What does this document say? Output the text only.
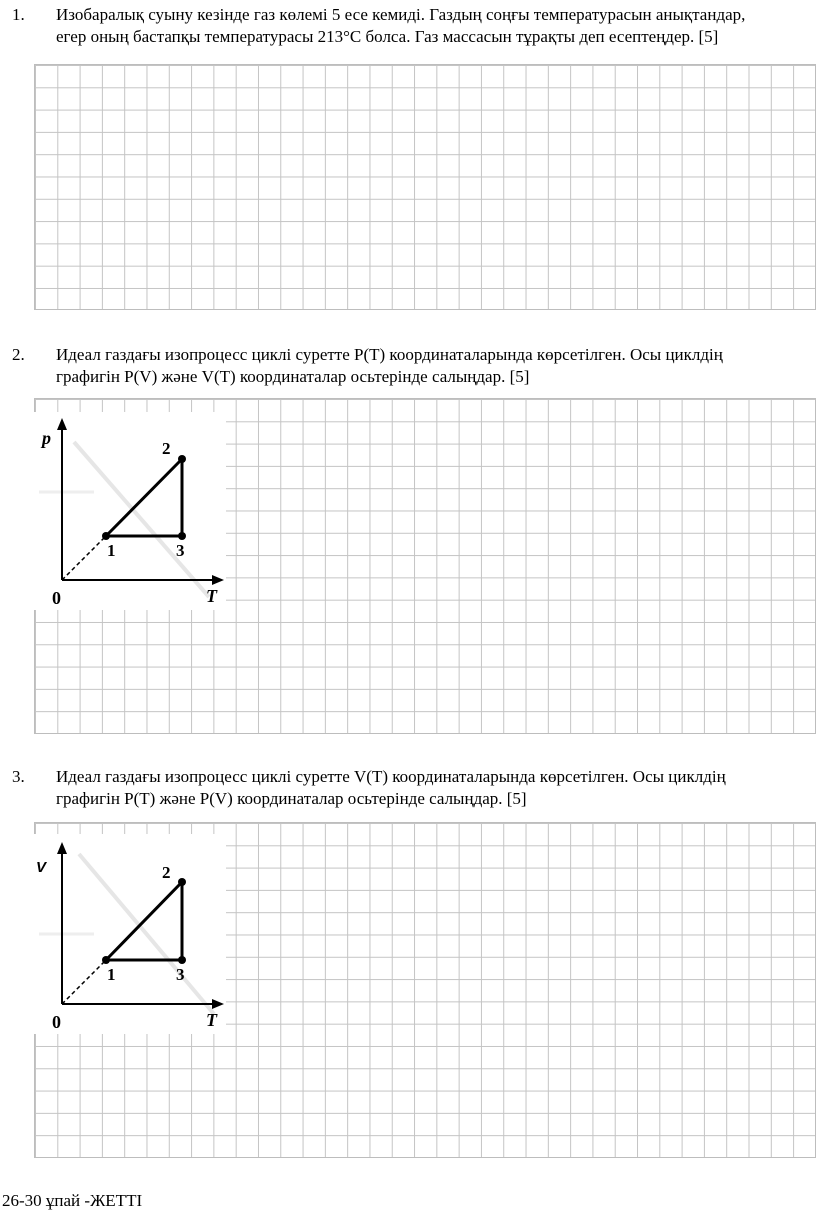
1. Изобаралық суыну кезінде газ көлемі 5 есе кемиді. Газдың соңғы температурасын анықтандар,
егер оның бастапқы температурасы 213°С болса. Газ массасын тұрақты деп есептеңдер. [5]
2. Идеал газдағы изопроцесс циклі суретте Р(Т) координаталарында көрсетілген. Осы циклдің
графигін Р(V) және V(T) координаталар осьтерінде салыңдар. [5]
p
T
0
1
2
3
3. Идеал газдағы изопроцесс циклі суретте V(Т) координаталарында көрсетілген. Осы циклдің
графигін Р(Т) және Р(V) координаталар осьтерінде салыңдар. [5]
V
T
0
1
2
3
26-30 ұпай -ЖЕТТІ
